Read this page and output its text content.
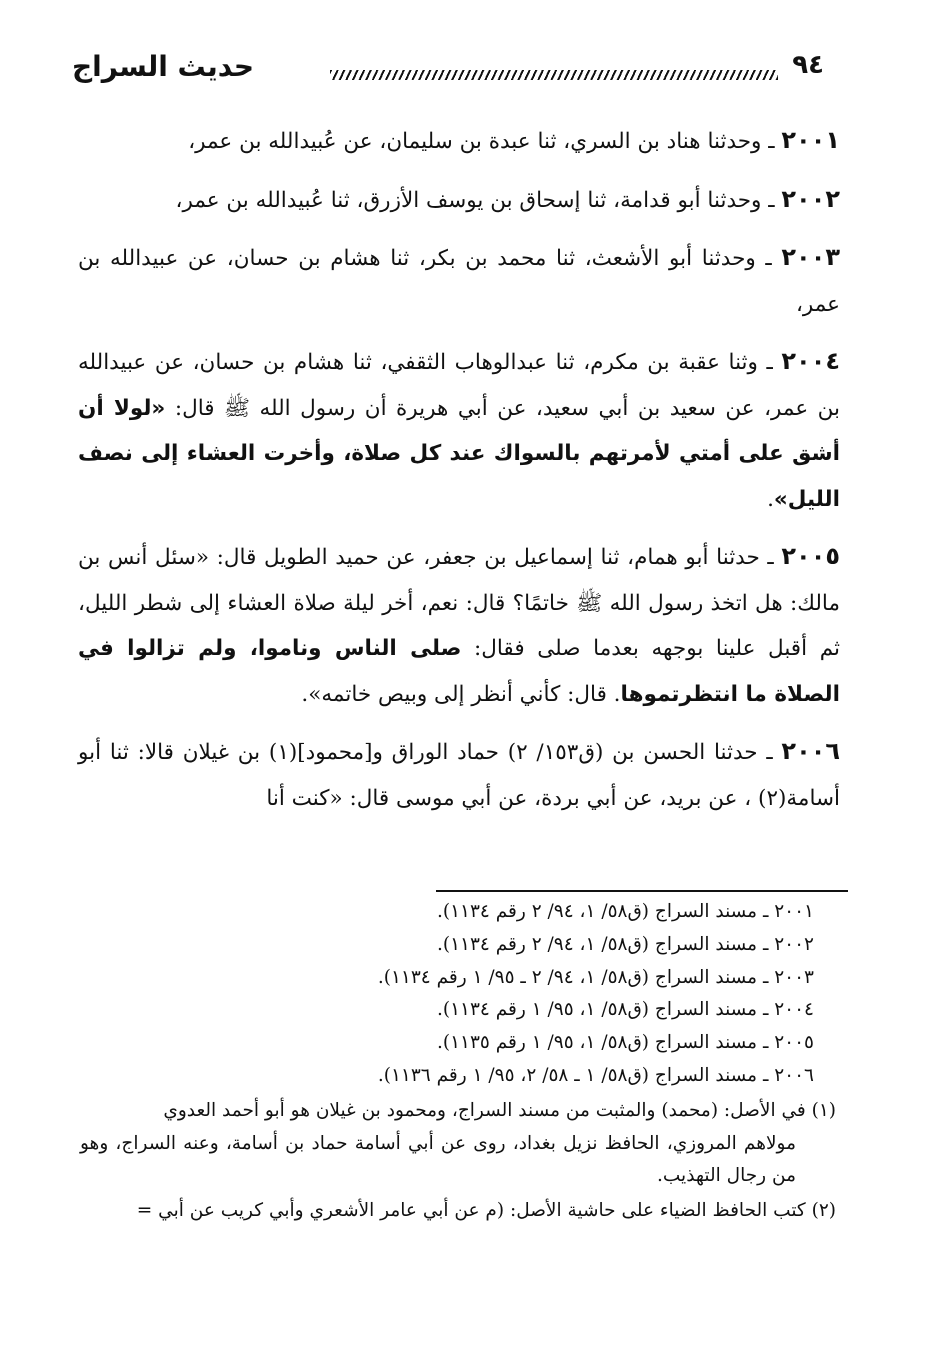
٩٤
حديث السراج

٢٠٠١ ـ وحدثنا هناد بن السري، ثنا عبدة بن سليمان، عن عُبيدالله بن عمر،

٢٠٠٢ ـ وحدثنا أبو قدامة، ثنا إسحاق بن يوسف الأزرق، ثنا عُبيدالله بن عمر،

٢٠٠٣ ـ وحدثنا أبو الأشعث، ثنا محمد بن بكر، ثنا هشام بن حسان، عن عبيدالله بن عمر،

٢٠٠٤ ـ وثنا عقبة بن مكرم، ثنا عبدالوهاب الثقفي، ثنا هشام بن حسان، عن عبيدالله بن عمر، عن سعيد بن أبي سعيد، عن أبي هريرة أن رسول الله ﷺ قال: «لولا أن أشق على أمتي لأمرتهم بالسواك عند كل صلاة، وأخرت العشاء إلى نصف الليل».

٢٠٠٥ ـ حدثنا أبو همام، ثنا إسماعيل بن جعفر، عن حميد الطويل قال: «سئل أنس بن مالك: هل اتخذ رسول الله ﷺ خاتمًا؟ قال: نعم، أخر ليلة صلاة العشاء إلى شطر الليل، ثم أقبل علينا بوجهه بعدما صلى فقال: صلى الناس وناموا، ولم تزالوا في الصلاة ما انتظرتموها. قال: كأني أنظر إلى وبيص خاتمه».

٢٠٠٦ ـ حدثنا الحسن بن (ق١٥٣/ ٢) حماد الوراق و[محمود](١) بن غيلان قالا: ثنا أبو أسامة(٢) ، عن بريد، عن أبي بردة، عن أبي موسى قال: «كنت أنا

٢٠٠١ ـ مسند السراج (ق٥٨/ ١، ٩٤/ ٢ رقم ١١٣٤).
٢٠٠٢ ـ مسند السراج (ق٥٨/ ١، ٩٤/ ٢ رقم ١١٣٤).
٢٠٠٣ ـ مسند السراج (ق٥٨/ ١، ٩٤/ ٢ ـ ٩٥/ ١ رقم ١١٣٤).
٢٠٠٤ ـ مسند السراج (ق٥٨/ ١، ٩٥/ ١ رقم ١١٣٤).
٢٠٠٥ ـ مسند السراج (ق٥٨/ ١، ٩٥/ ١ رقم ١١٣٥).
٢٠٠٦ ـ مسند السراج (ق٥٨/ ١ ـ ٥٨/ ٢، ٩٥/ ١ رقم ١١٣٦).
(١) في الأصل: (محمد) والمثبت من مسند السراج، ومحمود بن غيلان هو أبو أحمد العدوي
مولاهم المروزي، الحافظ نزيل بغداد، روى عن أبي أسامة حماد بن أسامة، وعنه السراج، وهو من رجال التهذيب.
(٢) كتب الحافظ الضياء على حاشية الأصل: (م عن أبي عامر الأشعري وأبي كريب عن أبي =
